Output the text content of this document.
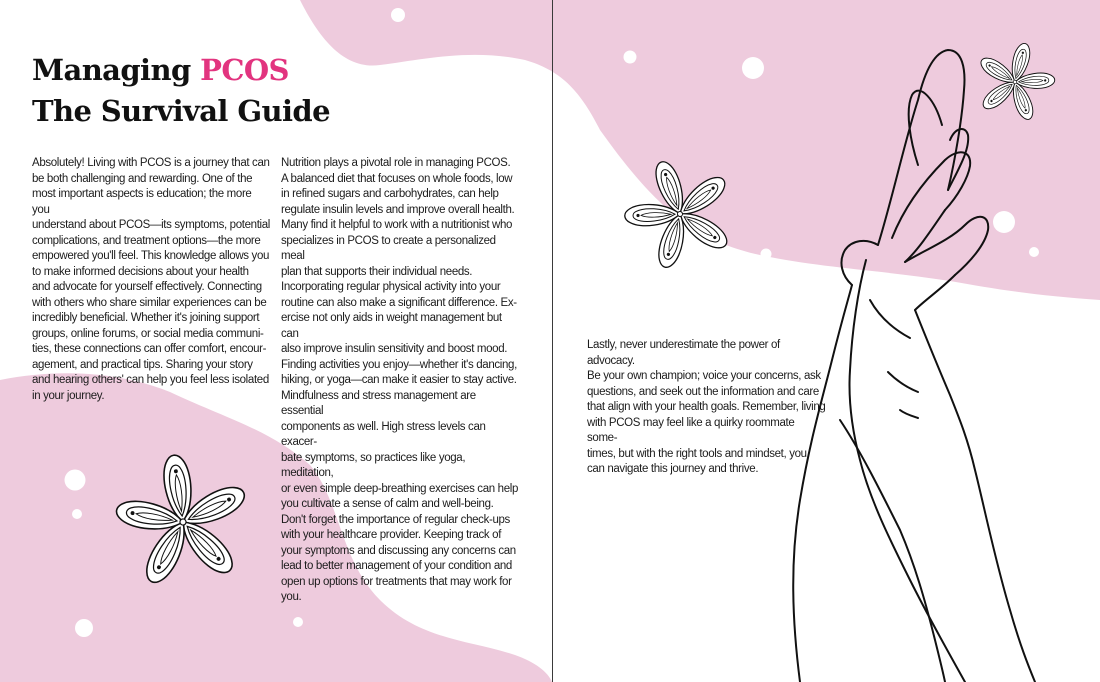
Managing PCOS
The Survival Guide

Absolutely! Living with PCOS is a journey that can
be both challenging and rewarding. One of the
most important aspects is education; the more you
understand about PCOS—its symptoms, potential
complications, and treatment options—the more
empowered you'll feel. This knowledge allows you
to make informed decisions about your health
and advocate for yourself effectively. Connecting
with others who share similar experiences can be
incredibly beneficial. Whether it's joining support
groups, online forums, or social media communi-
ties, these connections can offer comfort, encour-
agement, and practical tips. Sharing your story
and hearing others' can help you feel less isolated
in your journey.

Nutrition plays a pivotal role in managing PCOS.
A balanced diet that focuses on whole foods, low
in refined sugars and carbohydrates, can help
regulate insulin levels and improve overall health.
Many find it helpful to work with a nutritionist who
specializes in PCOS to create a personalized meal
plan that supports their individual needs.
Incorporating regular physical activity into your
routine can also make a significant difference. Ex-
ercise not only aids in weight management but can
also improve insulin sensitivity and boost mood.
Finding activities you enjoy—whether it's dancing,
hiking, or yoga—can make it easier to stay active.
Mindfulness and stress management are essential
components as well. High stress levels can exacer-
bate symptoms, so practices like yoga, meditation,
or even simple deep-breathing exercises can help
you cultivate a sense of calm and well-being.
Don't forget the importance of regular check-ups
with your healthcare provider. Keeping track of
your symptoms and discussing any concerns can
lead to better management of your condition and
open up options for treatments that may work for
you.

Lastly, never underestimate the power of advocacy.
Be your own champion; voice your concerns, ask
questions, and seek out the information and care
that align with your health goals. Remember, living
with PCOS may feel like a quirky roommate some-
times, but with the right tools and mindset, you
can navigate this journey and thrive.
